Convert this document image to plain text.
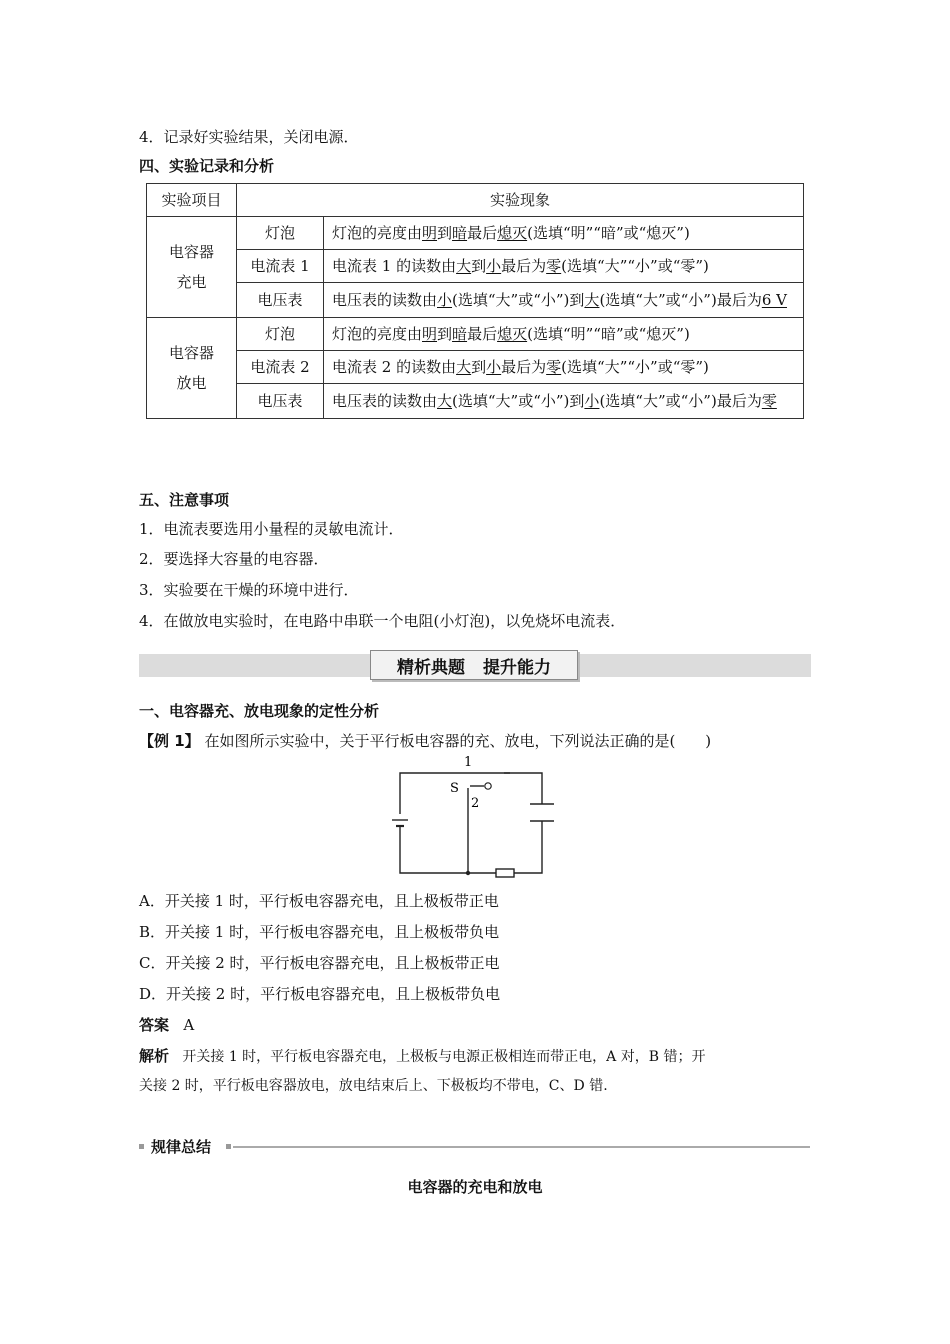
4．记录好实验结果，关闭电源．
四、实验记录和分析
实验项目	实验现象	
电容器充电	灯泡	灯泡的亮度由明到暗最后熄灭(选填“明”“暗”或“熄灭”)
	电流表 1	电流表 1 的读数由大到小最后为零(选填“大”“小”或“零”)
	电压表	电压表的读数由小(选填“大”或“小”)到大(选填“大”或“小”)最后为6 V
电容器放电	灯泡	灯泡的亮度由明到暗最后熄灭(选填“明”“暗”或“熄灭”)
	电流表 2	电流表 2 的读数由大到小最后为零(选填“大”“小”或“零”)
	电压表	电压表的读数由大(选填“大”或“小”)到小(选填“大”或“小”)最后为零
五、注意事项
1．电流表要选用小量程的灵敏电流计．
2．要选择大容量的电容器．
3．实验要在干燥的环境中进行．
4．在做放电实验时，在电路中串联一个电阻(小灯泡)，以免烧坏电流表．
精析典题 提升能力
一、电容器充、放电现象的定性分析
【例 1】 在如图所示实验中，关于平行板电容器的充、放电，下列说法正确的是(　　)
1
S
2
A．开关接 1 时，平行板电容器充电，且上极板带正电
B．开关接 1 时，平行板电容器充电，且上极板带负电
C．开关接 2 时，平行板电容器充电，且上极板带正电
D．开关接 2 时，平行板电容器充电，且上极板带负电
答案 A
解析 开关接 1 时，平行板电容器充电，上极板与电源正极相连而带正电，A 对，B 错；开
关接 2 时，平行板电容器放电，放电结束后上、下极板均不带电，C、D 错.
规律总结
电容器的充电和放电
